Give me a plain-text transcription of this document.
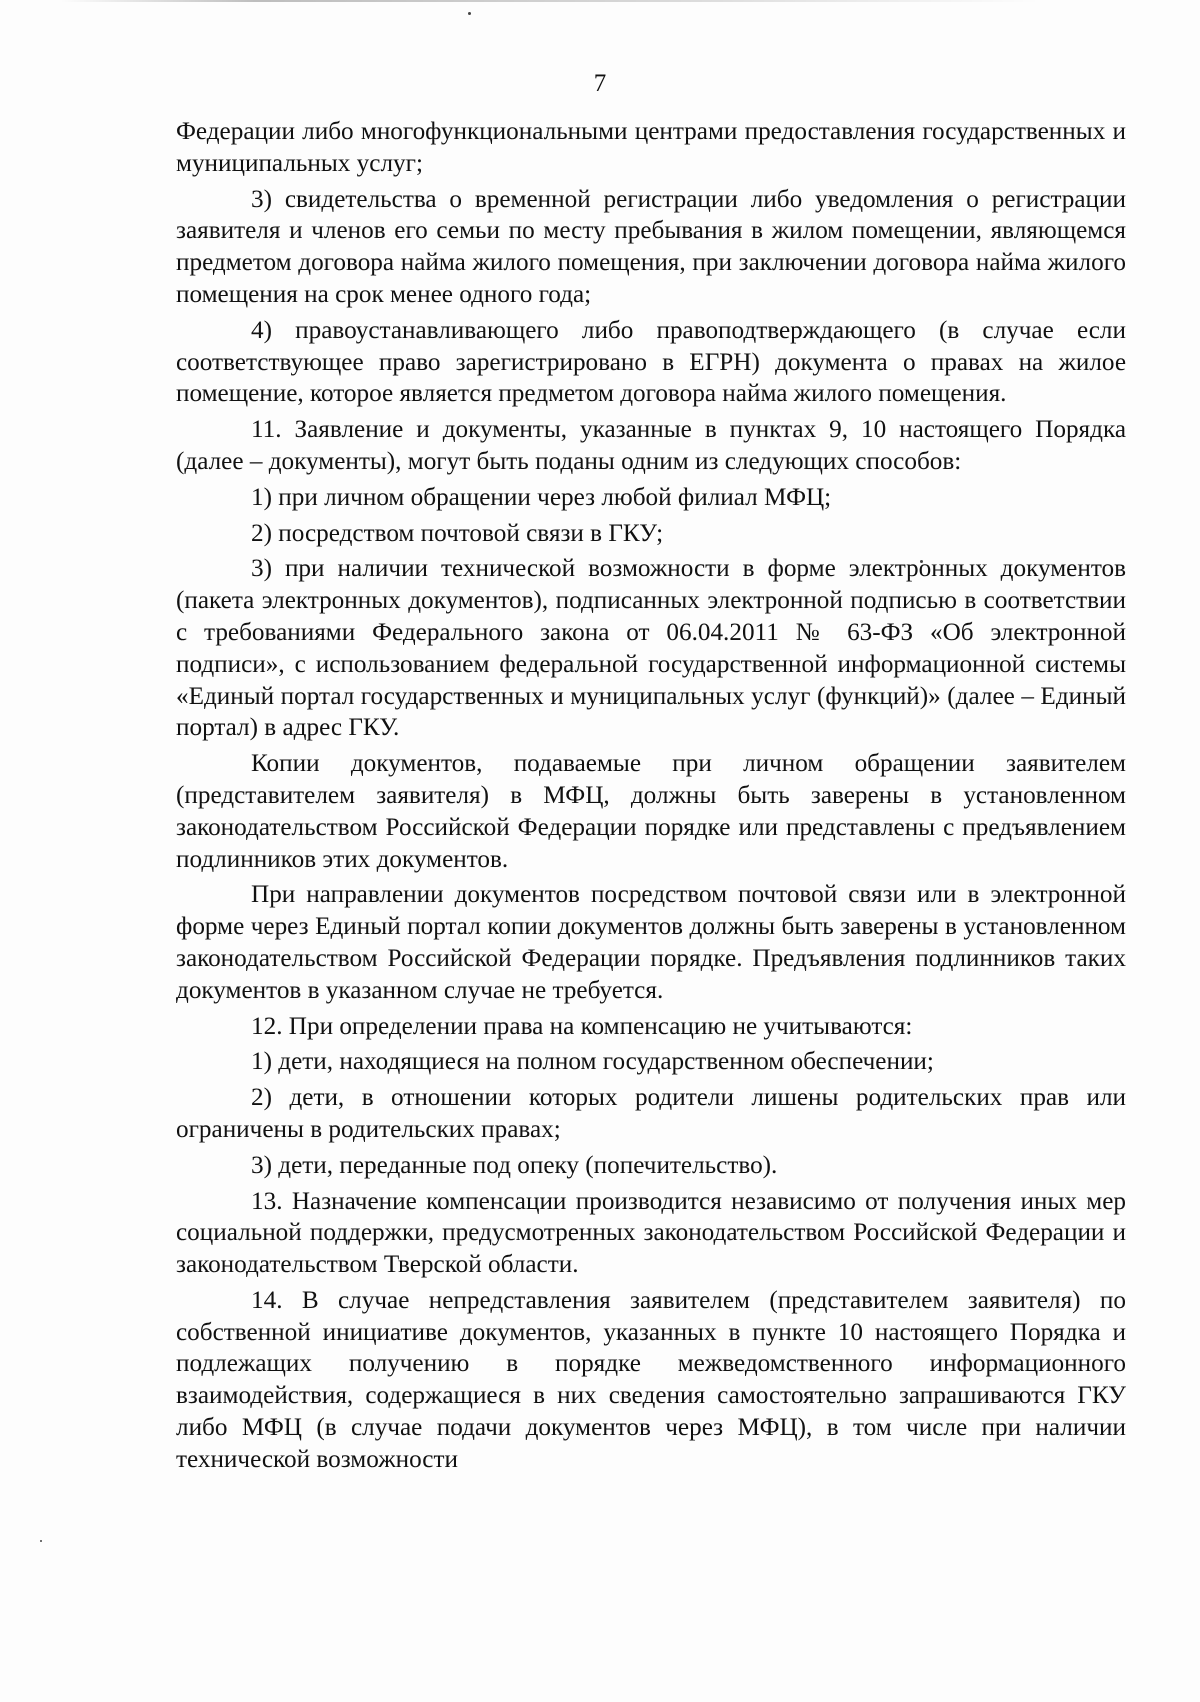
7

Федерации либо многофункциональными центрами предоставления государственных и муниципальных услуг;

3) свидетельства о временной регистрации либо уведомления о регистрации заявителя и членов его семьи по месту пребывания в жилом помещении, являющемся предметом договора найма жилого помещения, при заключении договора найма жилого помещения на срок менее одного года;

4) правоустанавливающего либо правоподтверждающего (в случае если соответствующее право зарегистрировано в ЕГРН) документа о правах на жилое помещение, которое является предметом договора найма жилого помещения.

11. Заявление и документы, указанные в пунктах 9, 10 настоящего Порядка (далее – документы), могут быть поданы одним из следующих способов:

1) при личном обращении через любой филиал МФЦ;

2) посредством почтовой связи в ГКУ;

3) при наличии технической возможности в форме электронных документов (пакета электронных документов), подписанных электронной подписью в соответствии с требованиями Федерального закона от 06.04.2011 № 63-ФЗ «Об электронной подписи», с использованием федеральной государственной информационной системы «Единый портал государственных и муниципальных услуг (функций)» (далее – Единый портал) в адрес ГКУ.

Копии документов, подаваемые при личном обращении заявителем (представителем заявителя) в МФЦ, должны быть заверены в установленном законодательством Российской Федерации порядке или представлены с предъявлением подлинников этих документов.

При направлении документов посредством почтовой связи или в электронной форме через Единый портал копии документов должны быть заверены в установленном законодательством Российской Федерации порядке. Предъявления подлинников таких документов в указанном случае не требуется.

12. При определении права на компенсацию не учитываются:

1) дети, находящиеся на полном государственном обеспечении;

2) дети, в отношении которых родители лишены родительских прав или ограничены в родительских правах;

3) дети, переданные под опеку (попечительство).

13. Назначение компенсации производится независимо от получения иных мер социальной поддержки, предусмотренных законодательством Российской Федерации и законодательством Тверской области.

14. В случае непредставления заявителем (представителем заявителя) по собственной инициативе документов, указанных в пункте 10 настоящего Порядка и подлежащих получению в порядке межведомственного информационного взаимодействия, содержащиеся в них сведения самостоятельно запрашиваются ГКУ либо МФЦ (в случае подачи документов через МФЦ), в том числе при наличии технической возможности
